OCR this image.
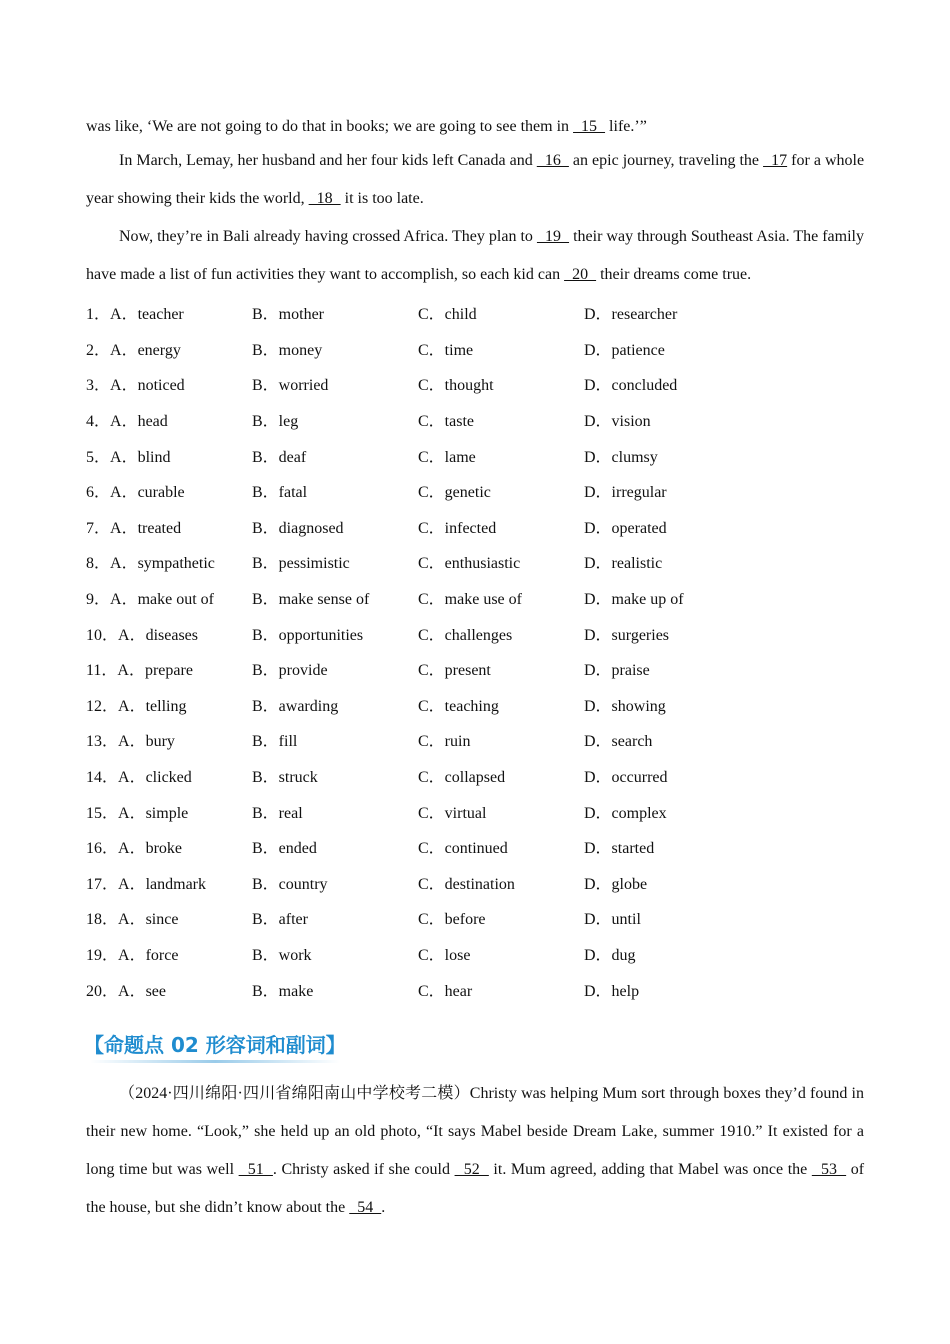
was like, ‘We are not going to do that in books; we are going to see them in   15   life.’”

In March, Lemay, her husband and her four kids left Canada and   16   an epic journey, traveling the   17 for a whole year showing their kids the world,   18   it is too late.

Now, they’re in Bali already having crossed Africa. They plan to   19   their way through Southeast Asia. The family have made a list of fun activities they want to accomplish, so each kid can   20   their dreams come true.

1．A．teacher	B．mother	C．child	D．researcher
2．A．energy	B．money	C．time	D．patience
3．A．noticed	B．worried	C．thought	D．concluded
4．A．head	B．leg	C．taste	D．vision
5．A．blind	B．deaf	C．lame	D．clumsy
6．A．curable	B．fatal	C．genetic	D．irregular
7．A．treated	B．diagnosed	C．infected	D．operated
8．A．sympathetic	B．pessimistic	C．enthusiastic	D．realistic
9．A．make out of	B．make sense of	C．make use of	D．make up of
10．A．diseases	B．opportunities	C．challenges	D．surgeries
11．A．prepare	B．provide	C．present	D．praise
12．A．telling	B．awarding	C．teaching	D．showing
13．A．bury	B．fill	C．ruin	D．search
14．A．clicked	B．struck	C．collapsed	D．occurred
15．A．simple	B．real	C．virtual	D．complex
16．A．broke	B．ended	C．continued	D．started
17．A．landmark	B．country	C．destination	D．globe
18．A．since	B．after	C．before	D．until
19．A．force	B．work	C．lose	D．dug
20．A．see	B．make	C．hear	D．help
【命题点 02 形容词和副词】

（2024·四川绵阳·四川省绵阳南山中学校考二模）Christy was helping Mum sort through boxes they’d found in their new home. “Look,” she held up an old photo, “It says Mabel beside Dream Lake, summer 1910.” It existed for a long time but was well   51  . Christy asked if she could   52   it. Mum agreed, adding that Mabel was once the   53   of the house, but she didn’t know about the   54  .
